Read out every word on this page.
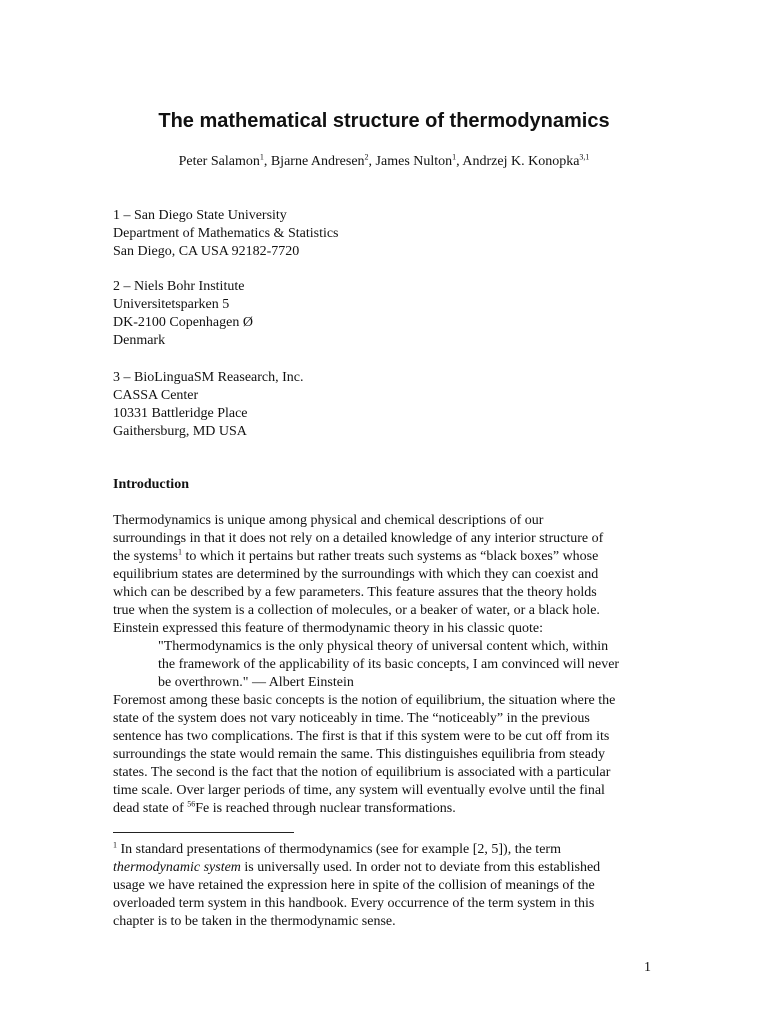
The mathematical structure of thermodynamics
Peter Salamon$^1$, Bjarne Andresen$^2$, James Nulton$^1$, Andrzej K. Konopka$^{3,1}$
1 – San Diego State University
Department of Mathematics & Statistics
San Diego, CA USA 92182-7720
2 – Niels Bohr Institute
Universitetsparken 5
DK-2100 Copenhagen Ø
Denmark
3 – BioLinguaSM Reasearch, Inc.
CASSA Center
10331 Battleridge Place
Gaithersburg, MD USA
Introduction
Thermodynamics is unique among physical and chemical descriptions of our
surroundings in that it does not rely on a detailed knowledge of any interior structure of
the systems$^1$ to which it pertains but rather treats such systems as “black boxes” whose
equilibrium states are determined by the surroundings with which they can coexist and
which can be described by a few parameters. This feature assures that the theory holds
true when the system is a collection of molecules, or a beaker of water, or a black hole.
Einstein expressed this feature of thermodynamic theory in his classic quote:
"Thermodynamics is the only physical theory of universal content which, within
the framework of the applicability of its basic concepts, I am convinced will never
be overthrown." — Albert Einstein
Foremost among these basic concepts is the notion of equilibrium, the situation where the
state of the system does not vary noticeably in time. The “noticeably” in the previous
sentence has two complications. The first is that if this system were to be cut off from its
surroundings the state would remain the same. This distinguishes equilibria from steady
states. The second is the fact that the notion of equilibrium is associated with a particular
time scale. Over larger periods of time, any system will eventually evolve until the final
dead state of $^{56}$Fe is reached through nuclear transformations.
$^1$ In standard presentations of thermodynamics (see for example [2, 5]), the term
thermodynamic system is universally used. In order not to deviate from this established
usage we have retained the expression here in spite of the collision of meanings of the
overloaded term system in this handbook. Every occurrence of the term system in this
chapter is to be taken in the thermodynamic sense.
1
